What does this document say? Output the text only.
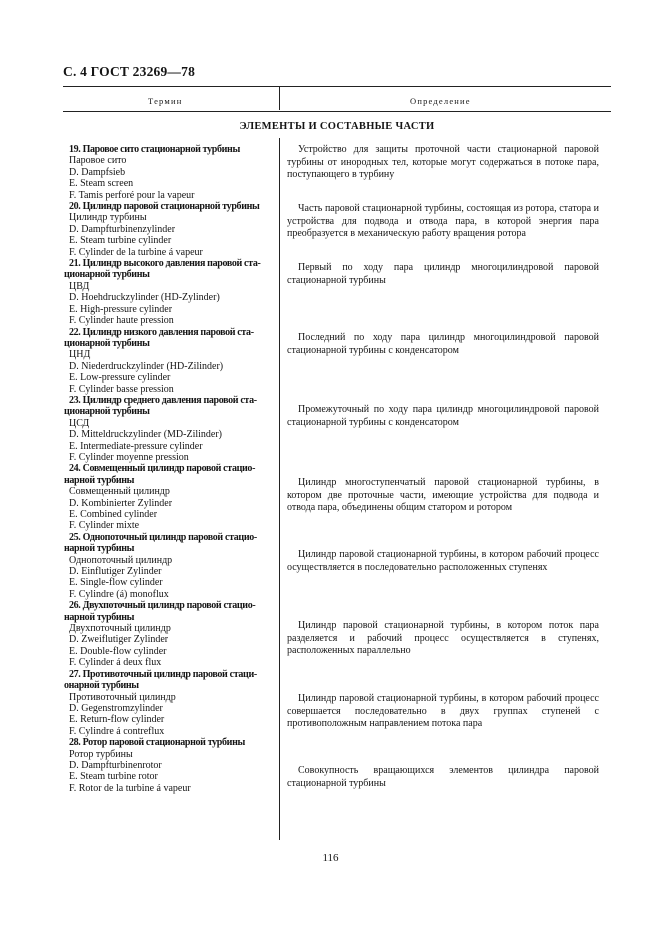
С. 4 ГОСТ 23269—78
Термин	Определение
ЭЛЕМЕНТЫ И СОСТАВНЫЕ ЧАСТИ
19. Паровое сито стационарной турбины
Паровое сито
D. Dampfsieb
E. Steam screen
F. Tamis perforé pour la vapeur
20. Цилиндр паровой стационарной турбины
Цилиндр турбины
D. Dampfturbinenzylinder
E. Steam turbine cylinder
F. Cylinder de la turbine á vapeur
21. Цилиндр высокого давления паровой ста-
ционарной турбины
ЦВД
D. Hoehdruckzylinder (HD-Zylinder)
E. High-pressure cylinder
F. Cylinder haute pression
22. Цилиндр низкого давления паровой ста-
ционарной турбины
ЦНД
D. Niederdruckzylinder (HD-Zilinder)
E. Low-pressure cylinder
F. Cylinder basse pression
23. Цилиндр среднего давления паровой ста-
ционарной турбины
ЦСД
D. Mitteldruckzylinder (MD-Zilinder)
E. Intermediate-pressure cylinder
F. Cylinder moyenne pression
24. Совмещенный цилиндр паровой стацио-
нарной турбины
Совмещенный цилиндр
D. Kombinierter Zylinder
E. Combined cylinder
F. Cylinder mixte
25. Однопоточный цилиндр паровой стацио-
нарной турбины
Однопоточный цилиндр
D. Einflutiger Zylinder
E. Single-flow cylinder
F. Cylindre (á) monoflux
26. Двухпоточный цилиндр паровой стацио-
нарной турбины
Двухпоточный цилиндр
D. Zweiflutiger Zylinder
E. Double-flow cylinder
F. Cylinder á deux flux
27. Противоточный цилиндр паровой стаци-
онарной турбины
Противоточный цилиндр
D. Gegenstromzylinder
E. Return-flow cylinder
F. Cylindre á contreflux
28. Ротор паровой стационарной турбины
Ротор турбины
D. Dampfturbinenrotor
E. Steam turbine rotor
F. Rotor de la turbine á vapeur

Устройство для защиты проточной части стационарной паровой турбины от инородных тел, которые могут содержаться в потоке пара, поступающего в турбину

Часть паровой стационарной турбины, состоящая из ротора, статора и устройства для подвода и отвода пара, в которой энергия пара преобразуется в механическую работу вращения ротора

Первый по ходу пара цилиндр многоцилиндровой паровой стационарной турбины

Последний по ходу пара цилиндр многоцилиндровой паровой стационарной турбины с конденсатором

Промежуточный по ходу пара цилиндр многоцилиндровой паровой стационарной турбины с конденсатором

Цилиндр многоступенчатый паровой стационарной турбины, в котором две проточные части, имеющие устройства для подвода и отвода пара, объединены общим статором и ротором

Цилиндр паровой стационарной турбины, в котором рабочий процесс осуществляется в последовательно расположенных ступенях

Цилиндр паровой стационарной турбины, в котором поток пара разделяется и рабочий процесс осуществляется в ступенях, расположенных параллельно

Цилиндр паровой стационарной турбины, в котором рабочий процесс совершается последовательно в двух группах ступеней с противоположным направлением потока пара

Совокупность вращающихся элементов цилиндра паровой стационарной турбины

116
